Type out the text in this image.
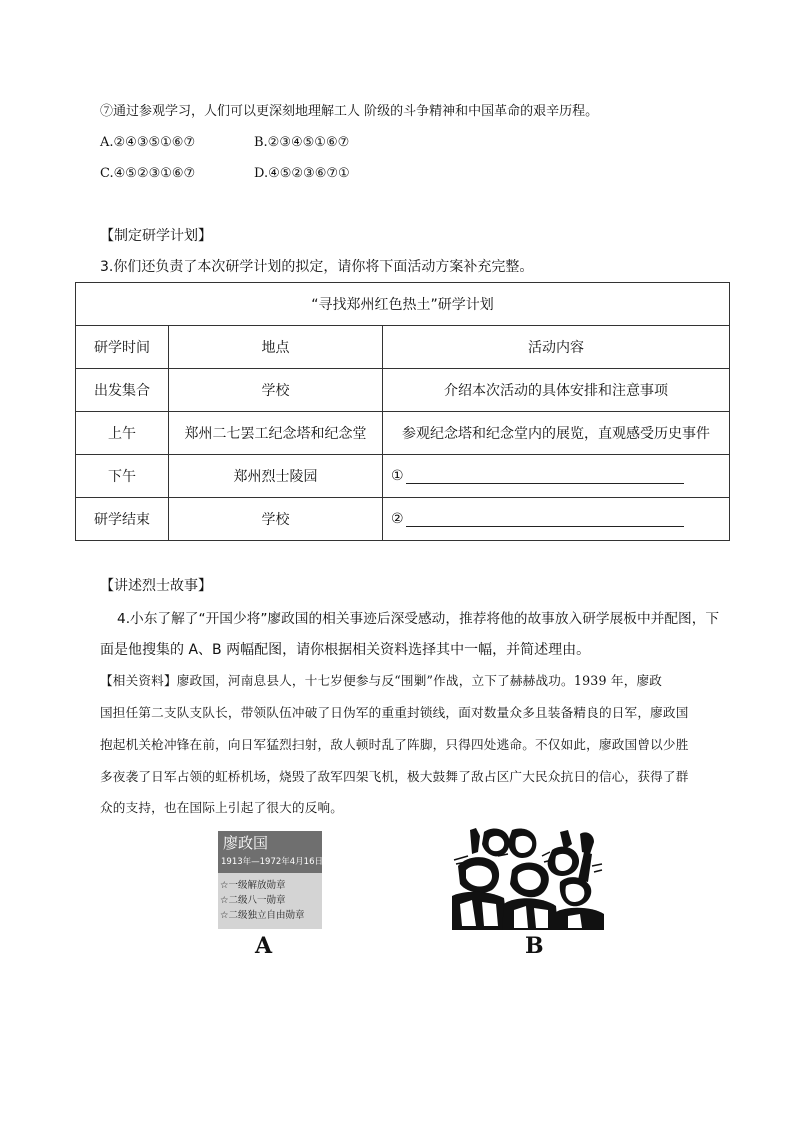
⑦通过参观学习，人们可以更深刻地理解工人 阶级的斗争精神和中国革命的艰辛历程。
A.②④③⑤①⑥⑦	B.②③④⑤①⑥⑦
C.④⑤②③①⑥⑦	D.④⑤②③⑥⑦①
【制定研学计划】
3.你们还负责了本次研学计划的拟定，请你将下面活动方案补充完整。
“寻找郑州红色热土”研学计划		
研学时间	地点	活动内容
出发集合	学校	介绍本次活动的具体安排和注意事项
上午	郑州二七罢工纪念塔和纪念堂	参观纪念塔和纪念堂内的展览，直观感受历史事件
下午	郑州烈士陵园	①
研学结束	学校	②
【讲述烈士故事】
4.小东了解了“开国少将”廖政国的相关事迹后深受感动，推荐将他的故事放入研学展板中并配图，下
面是他搜集的 A、B 两幅配图，请你根据相关资料选择其中一幅，并简述理由。
【相关资料】廖政国，河南息县人，十七岁便参与反“围剿”作战，立下了赫赫战功。1939 年，廖政
国担任第二支队支队长，带领队伍冲破了日伪军的重重封锁线，面对数量众多且装备精良的日军，廖政国
抱起机关枪冲锋在前，向日军猛烈扫射，敌人顿时乱了阵脚，只得四处逃命。不仅如此，廖政国曾以少胜
多夜袭了日军占领的虹桥机场，烧毁了敌军四架飞机，极大鼓舞了敌占区广大民众抗日的信心，获得了群
众的支持，也在国际上引起了很大的反响。
廖政国
1913年—1972年4月16日
☆一级解放勋章
☆二级八一勋章
☆二级独立自由勋章
A	B
